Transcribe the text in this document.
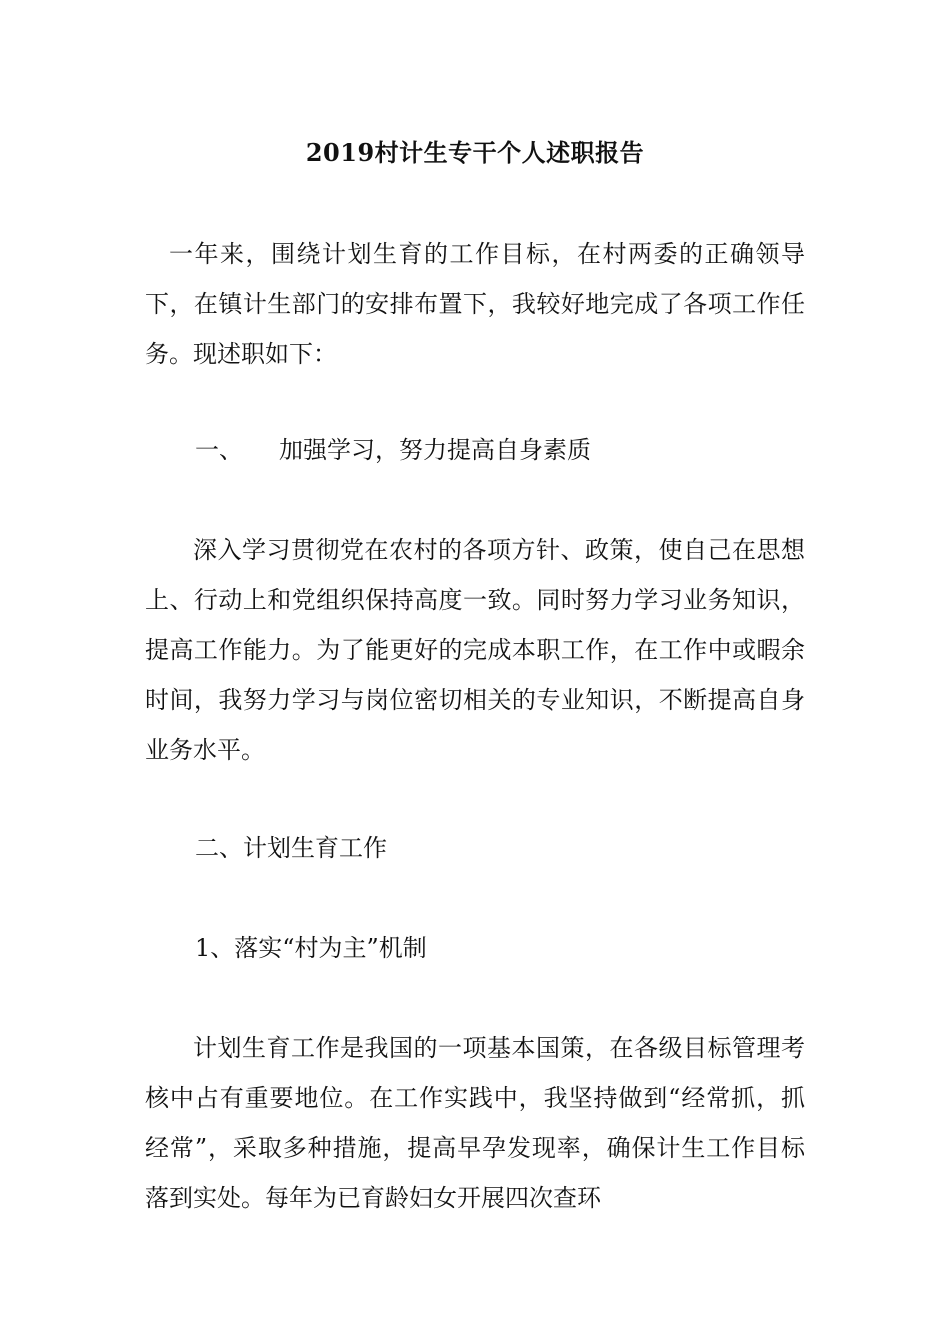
2019村计生专干个人述职报告
一年来，围绕计划生育的工作目标，在村两委的正确领导下，在镇计生部门的安排布置下，我较好地完成了各项工作任务。现述职如下：
一、 加强学习，努力提高自身素质
深入学习贯彻党在农村的各项方针、政策，使自己在思想上、行动上和党组织保持高度一致。同时努力学习业务知识，提高工作能力。为了能更好的完成本职工作，在工作中或暇余时间，我努力学习与岗位密切相关的专业知识，不断提高自身业务水平。
二、计划生育工作
1、落实“村为主”机制
计划生育工作是我国的一项基本国策，在各级目标管理考核中占有重要地位。在工作实践中，我坚持做到“经常抓，抓经常”，采取多种措施，提高早孕发现率，确保计生工作目标落到实处。每年为已育龄妇女开展四次查环
